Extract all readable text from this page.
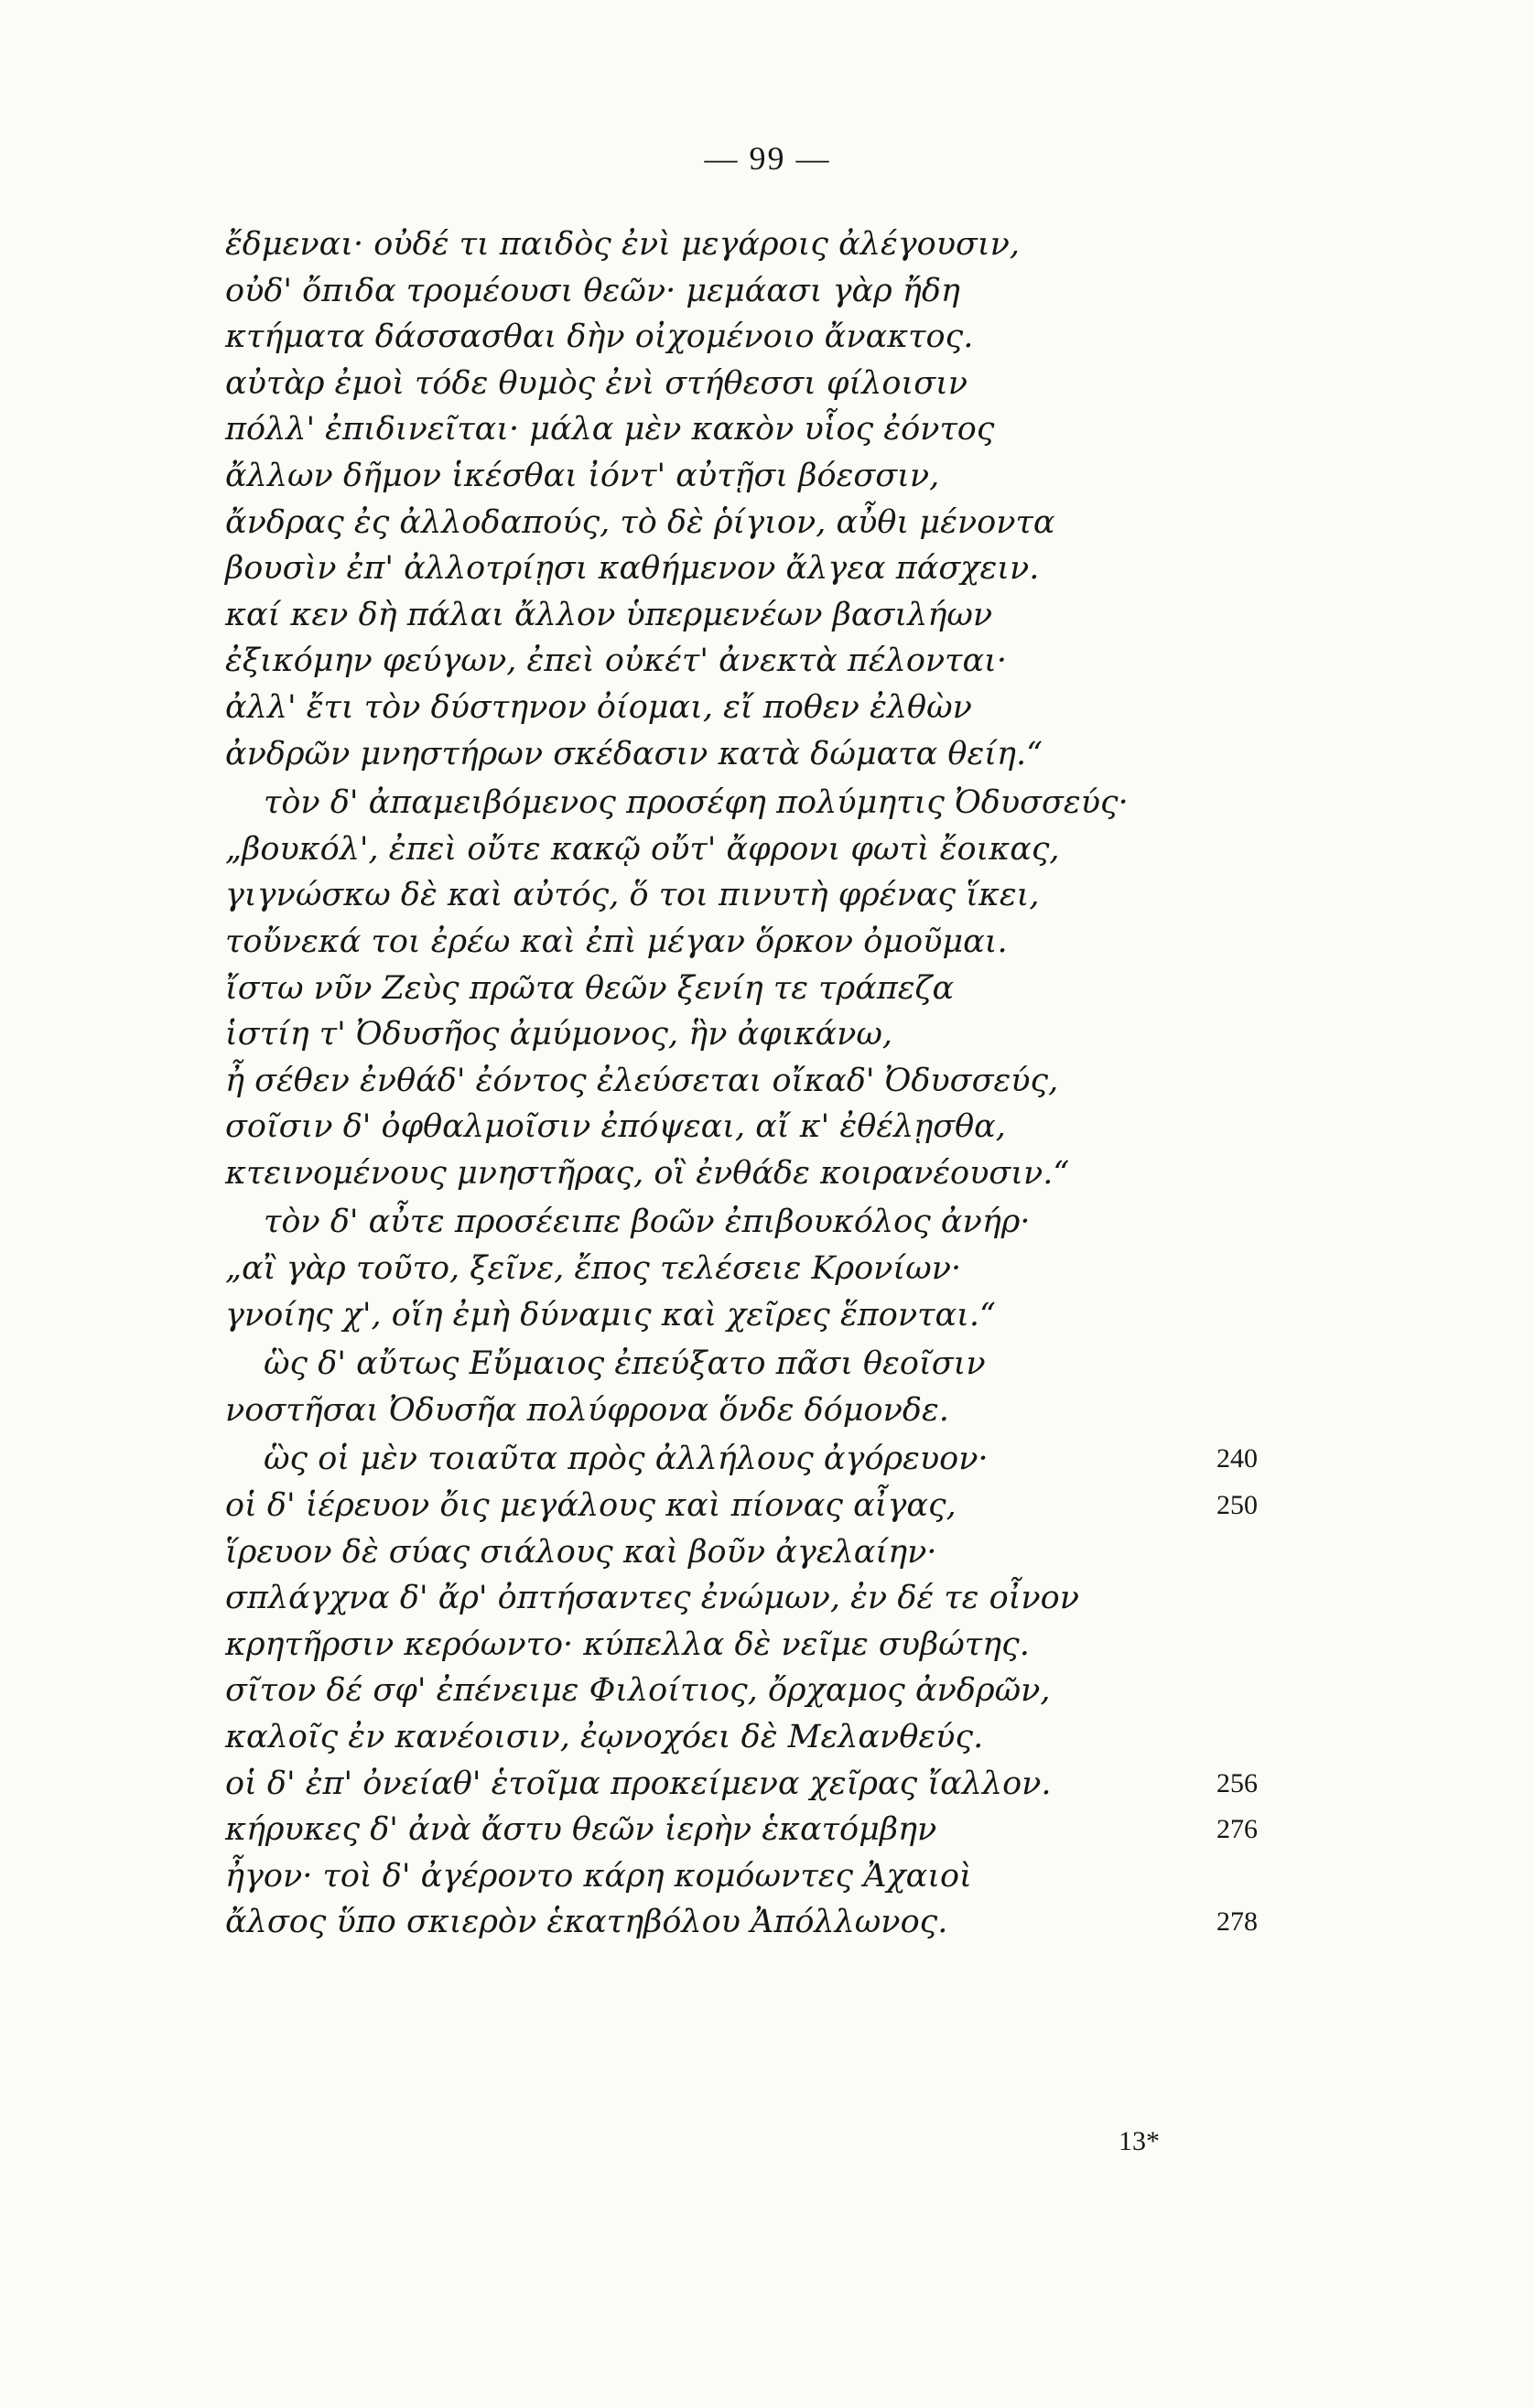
— 99 —
ἔδμεναι· οὐδέ τι παιδὸς ἐνὶ μεγάροις ἀλέγουσιν,
οὐδ' ὄπιδα τρομέουσι θεῶν· μεμάασι γὰρ ἤδη
κτήματα δάσσασθαι δὴν οἰχομένοιο ἄνακτος.
αὐτὰρ ἐμοὶ τόδε θυμὸς ἐνὶ στήθεσσι φίλοισιν
πόλλ' ἐπιδινεῖται· μάλα μὲν κακὸν υἷος ἐόντος
ἄλλων δῆμον ἱκέσθαι ἰόντ' αὐτῇσι βόεσσιν,
ἄνδρας ἐς ἀλλοδαπούς, τὸ δὲ ῥίγιον, αὖθι μένοντα
βουσὶν ἐπ' ἀλλοτρίῃσι καθήμενον ἄλγεα πάσχειν.
καί κεν δὴ πάλαι ἄλλον ὑπερμενέων βασιλήων
ἐξικόμην φεύγων, ἐπεὶ οὐκέτ' ἀνεκτὰ πέλονται·
ἀλλ' ἔτι τὸν δύστηνον ὀίομαι, εἴ ποθεν ἐλθὼν
ἀνδρῶν μνηστήρων σκέδασιν κατὰ δώματα θείη.“
τὸν δ' ἀπαμειβόμενος προσέφη πολύμητις Ὀδυσσεύς·
„βουκόλ', ἐπεὶ οὔτε κακῷ οὔτ' ἄφρονι φωτὶ ἔοικας,
γιγνώσκω δὲ καὶ αὐτός, ὅ τοι πινυτὴ φρένας ἵκει,
τοὔνεκά τοι ἐρέω καὶ ἐπὶ μέγαν ὅρκον ὀμοῦμαι.
ἴστω νῦν Ζεὺς πρῶτα θεῶν ξενίη τε τράπεζα
ἱστίη τ' Ὀδυσῆος ἀμύμονος, ἣν ἀφικάνω,
ἦ σέθεν ἐνθάδ' ἐόντος ἐλεύσεται οἴκαδ' Ὀδυσσεύς,
σοῖσιν δ' ὀφθαλμοῖσιν ἐπόψεαι, αἴ κ' ἐθέλῃσθα,
κτεινομένους μνηστῆρας, οἳ ἐνθάδε κοιρανέουσιν.“
τὸν δ' αὖτε προσέειπε βοῶν ἐπιβουκόλος ἀνήρ·
„αἲ γὰρ τοῦτο, ξεῖνε, ἔπος τελέσειε Κρονίων·
γνοίης χ', οἵη ἐμὴ δύναμις καὶ χεῖρες ἕπονται.“
ὣς δ' αὔτως Εὔμαιος ἐπεύξατο πᾶσι θεοῖσιν
νοστῆσαι Ὀδυσῆα πολύφρονα ὅνδε δόμονδε.
ὣς οἱ μὲν τοιαῦτα πρὸς ἀλλήλους ἀγόρευον·	240
οἱ δ' ἱέρευον ὄις μεγάλους καὶ πίονας αἶγας,	250
ἵρευον δὲ σύας σιάλους καὶ βοῦν ἀγελαίην·
σπλάγχνα δ' ἄρ' ὀπτήσαντες ἐνώμων, ἐν δέ τε οἶνον
κρητῆρσιν κερόωντο· κύπελλα δὲ νεῖμε συβώτης.
σῖτον δέ σφ' ἐπένειμε Φιλοίτιος, ὄρχαμος ἀνδρῶν,
καλοῖς ἐν κανέοισιν, ἐῳνοχόει δὲ Μελανθεύς.
οἱ δ' ἐπ' ὀνείαθ' ἑτοῖμα προκείμενα χεῖρας ἴαλλον.	256
κήρυκες δ' ἀνὰ ἄστυ θεῶν ἱερὴν ἑκατόμβην	276
ἦγον· τοὶ δ' ἀγέροντο κάρη κομόωντες Ἀχαιοὶ
ἄλσος ὕπο σκιερὸν ἑκατηβόλου Ἀπόλλωνος.	278
13*
